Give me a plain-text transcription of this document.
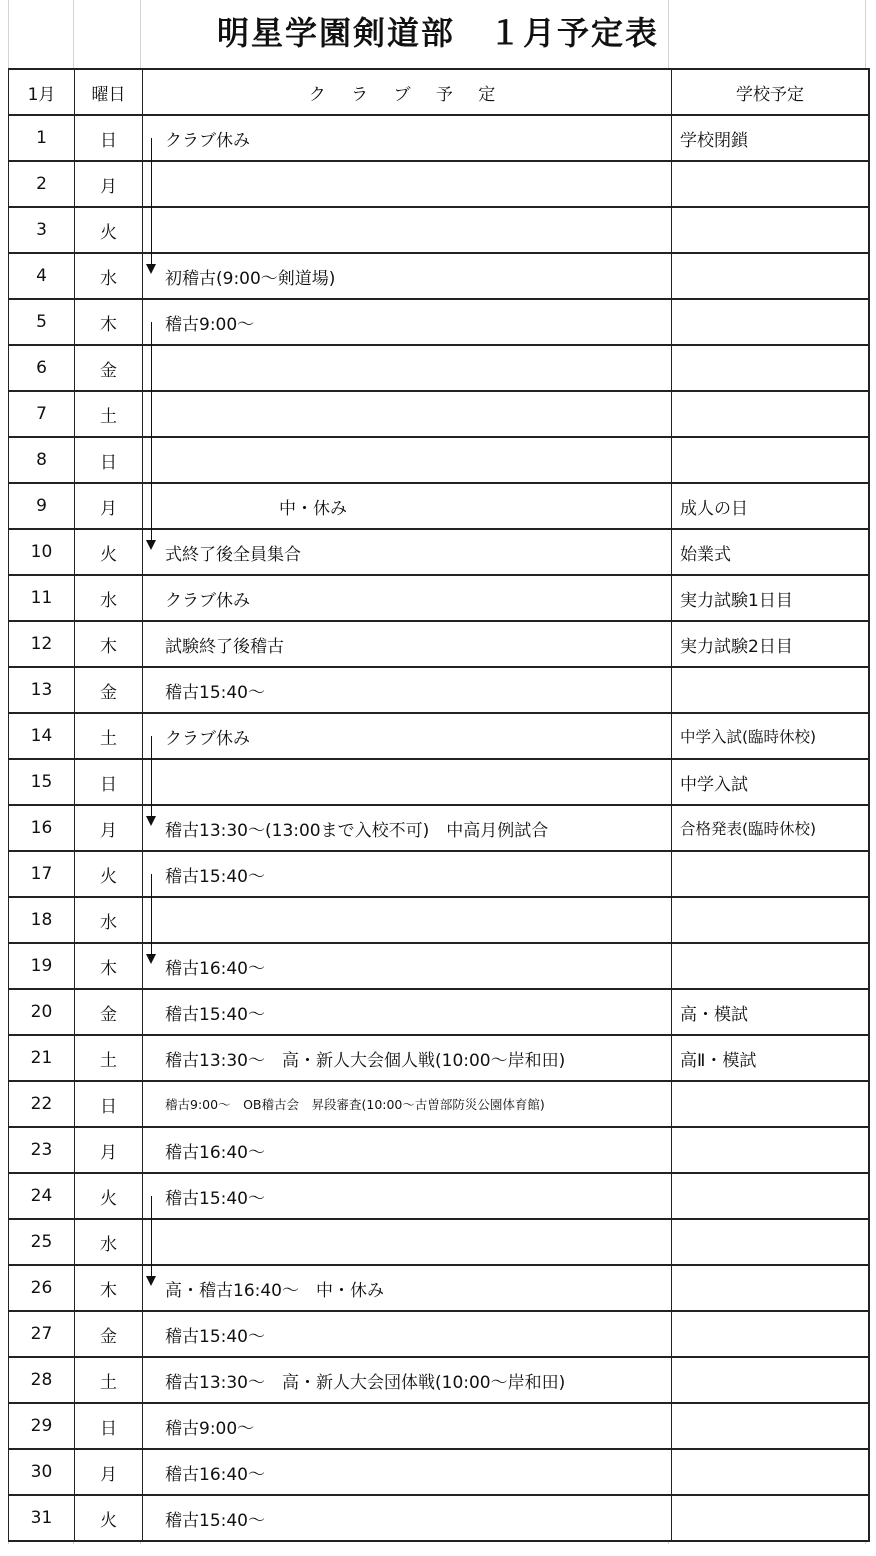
明星学園剣道部　１月予定表
1月	曜日	ク ラ ブ 予 定	学校予定
1	日	クラブ休み	学校閉鎖
2	月		
3	火		
4	水	初稽古(9:00～剣道場)	
5	木	稽古9:00～

6	金		
7	土		
8	日		
9	月	中・休み	成人の日
10	火	式終了後全員集合	始業式
11	水	クラブ休み	実力試験1日目
12	木	試験終了後稽古	実力試験2日目
13	金	稽古15:40～	
14	土	クラブ休み	中学入試(臨時休校)
15	日		中学入試
16	月	稽古13:30～(13:00まで入校不可)　中高月例試合	合格発表(臨時休校)
17	火	稽古15:40～

18	水		
19	木	稽古16:40～	
20	金	稽古15:40～	高・模試
21	土	稽古13:30～　高・新人大会個人戦(10:00～岸和田)	高Ⅱ・模試
22	日	稽古9:00～　OB稽古会　昇段審査(10:00～古曽部防災公園体育館)	
23	月	稽古16:40～	
24	火	稽古15:40～

25	水		
26	木	高・稽古16:40～　中・休み	
27	金	稽古15:40～	
28	土	稽古13:30～　高・新人大会団体戦(10:00～岸和田)	
29	日	稽古9:00～	
30	月	稽古16:40～	
31	火	稽古15:40～	
